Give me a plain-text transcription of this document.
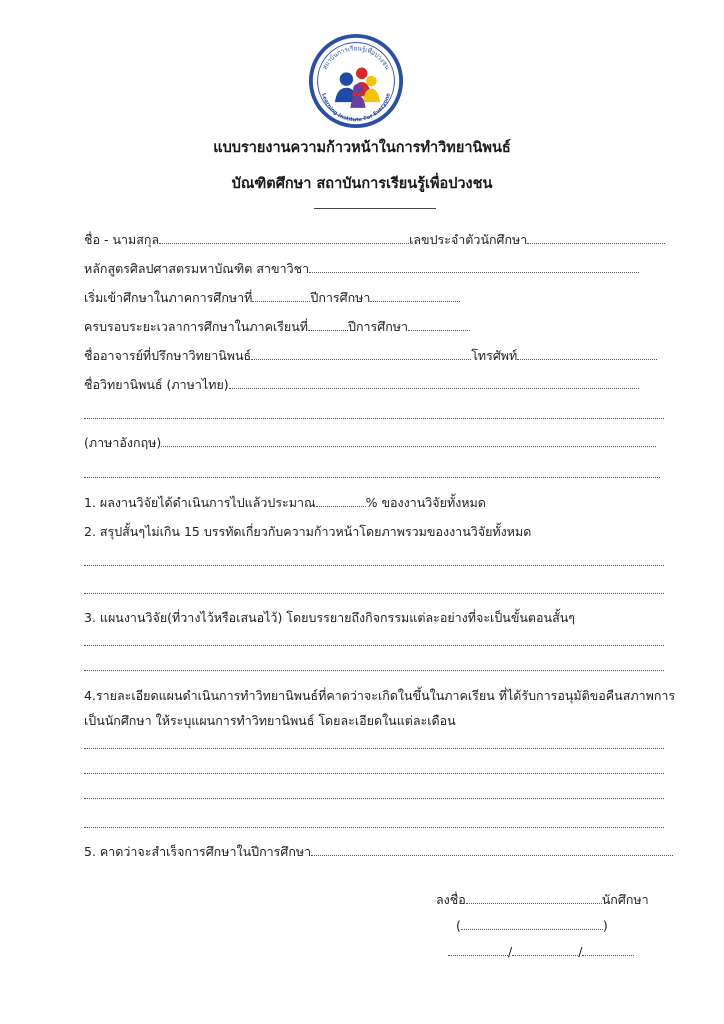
สถาบันการเรียนรู้เพื่อปวงชน
Learning Institute For Everyone
แบบรายงานความก้าวหน้าในการทำวิทยานิพนธ์
บัณฑิตศึกษา สถาบันการเรียนรู้เพื่อปวงชน
ชื่อ - นามสกุล	เลขประจำตัวนักศึกษา
หลักสูตรศิลปศาสตรมหาบัณฑิต สาขาวิชา
เริ่มเข้าศึกษาในภาคการศึกษาที่	ปีการศึกษา
ครบรอบระยะเวลาการศึกษาในภาคเรียนที่	ปีการศึกษา
ชื่ออาจารย์ที่ปรึกษาวิทยานิพนธ์	โทรศัพท์
ชื่อวิทยานิพนธ์ (ภาษาไทย)
(ภาษาอังกฤษ)
1. ผลงานวิจัยได้ดำเนินการไปแล้วประมาณ	% ของงานวิจัยทั้งหมด
2. สรุปสั้นๆไม่เกิน 15 บรรทัดเกี่ยวกับความก้าวหน้าโดยภาพรวมของงานวิจัยทั้งหมด
3. แผนงานวิจัย(ที่วางไว้หรือเสนอไว้) โดยบรรยายถึงกิจกรรมแต่ละอย่างที่จะเป็นขั้นตอนสั้นๆ
4.รายละเอียดแผนดำเนินการทำวิทยานิพนธ์ที่คาดว่าจะเกิดในขึ้นในภาคเรียน ที่ได้รับการอนุมัติขอคืนสภาพการ
เป็นนักศึกษา ให้ระบุแผนการทำวิทยานิพนธ์ โดยละเอียดในแต่ละเดือน
5. คาดว่าจะสำเร็จการศึกษาในปีการศึกษา
ลงชื่อ	นักศึกษา
(	)
/	/
